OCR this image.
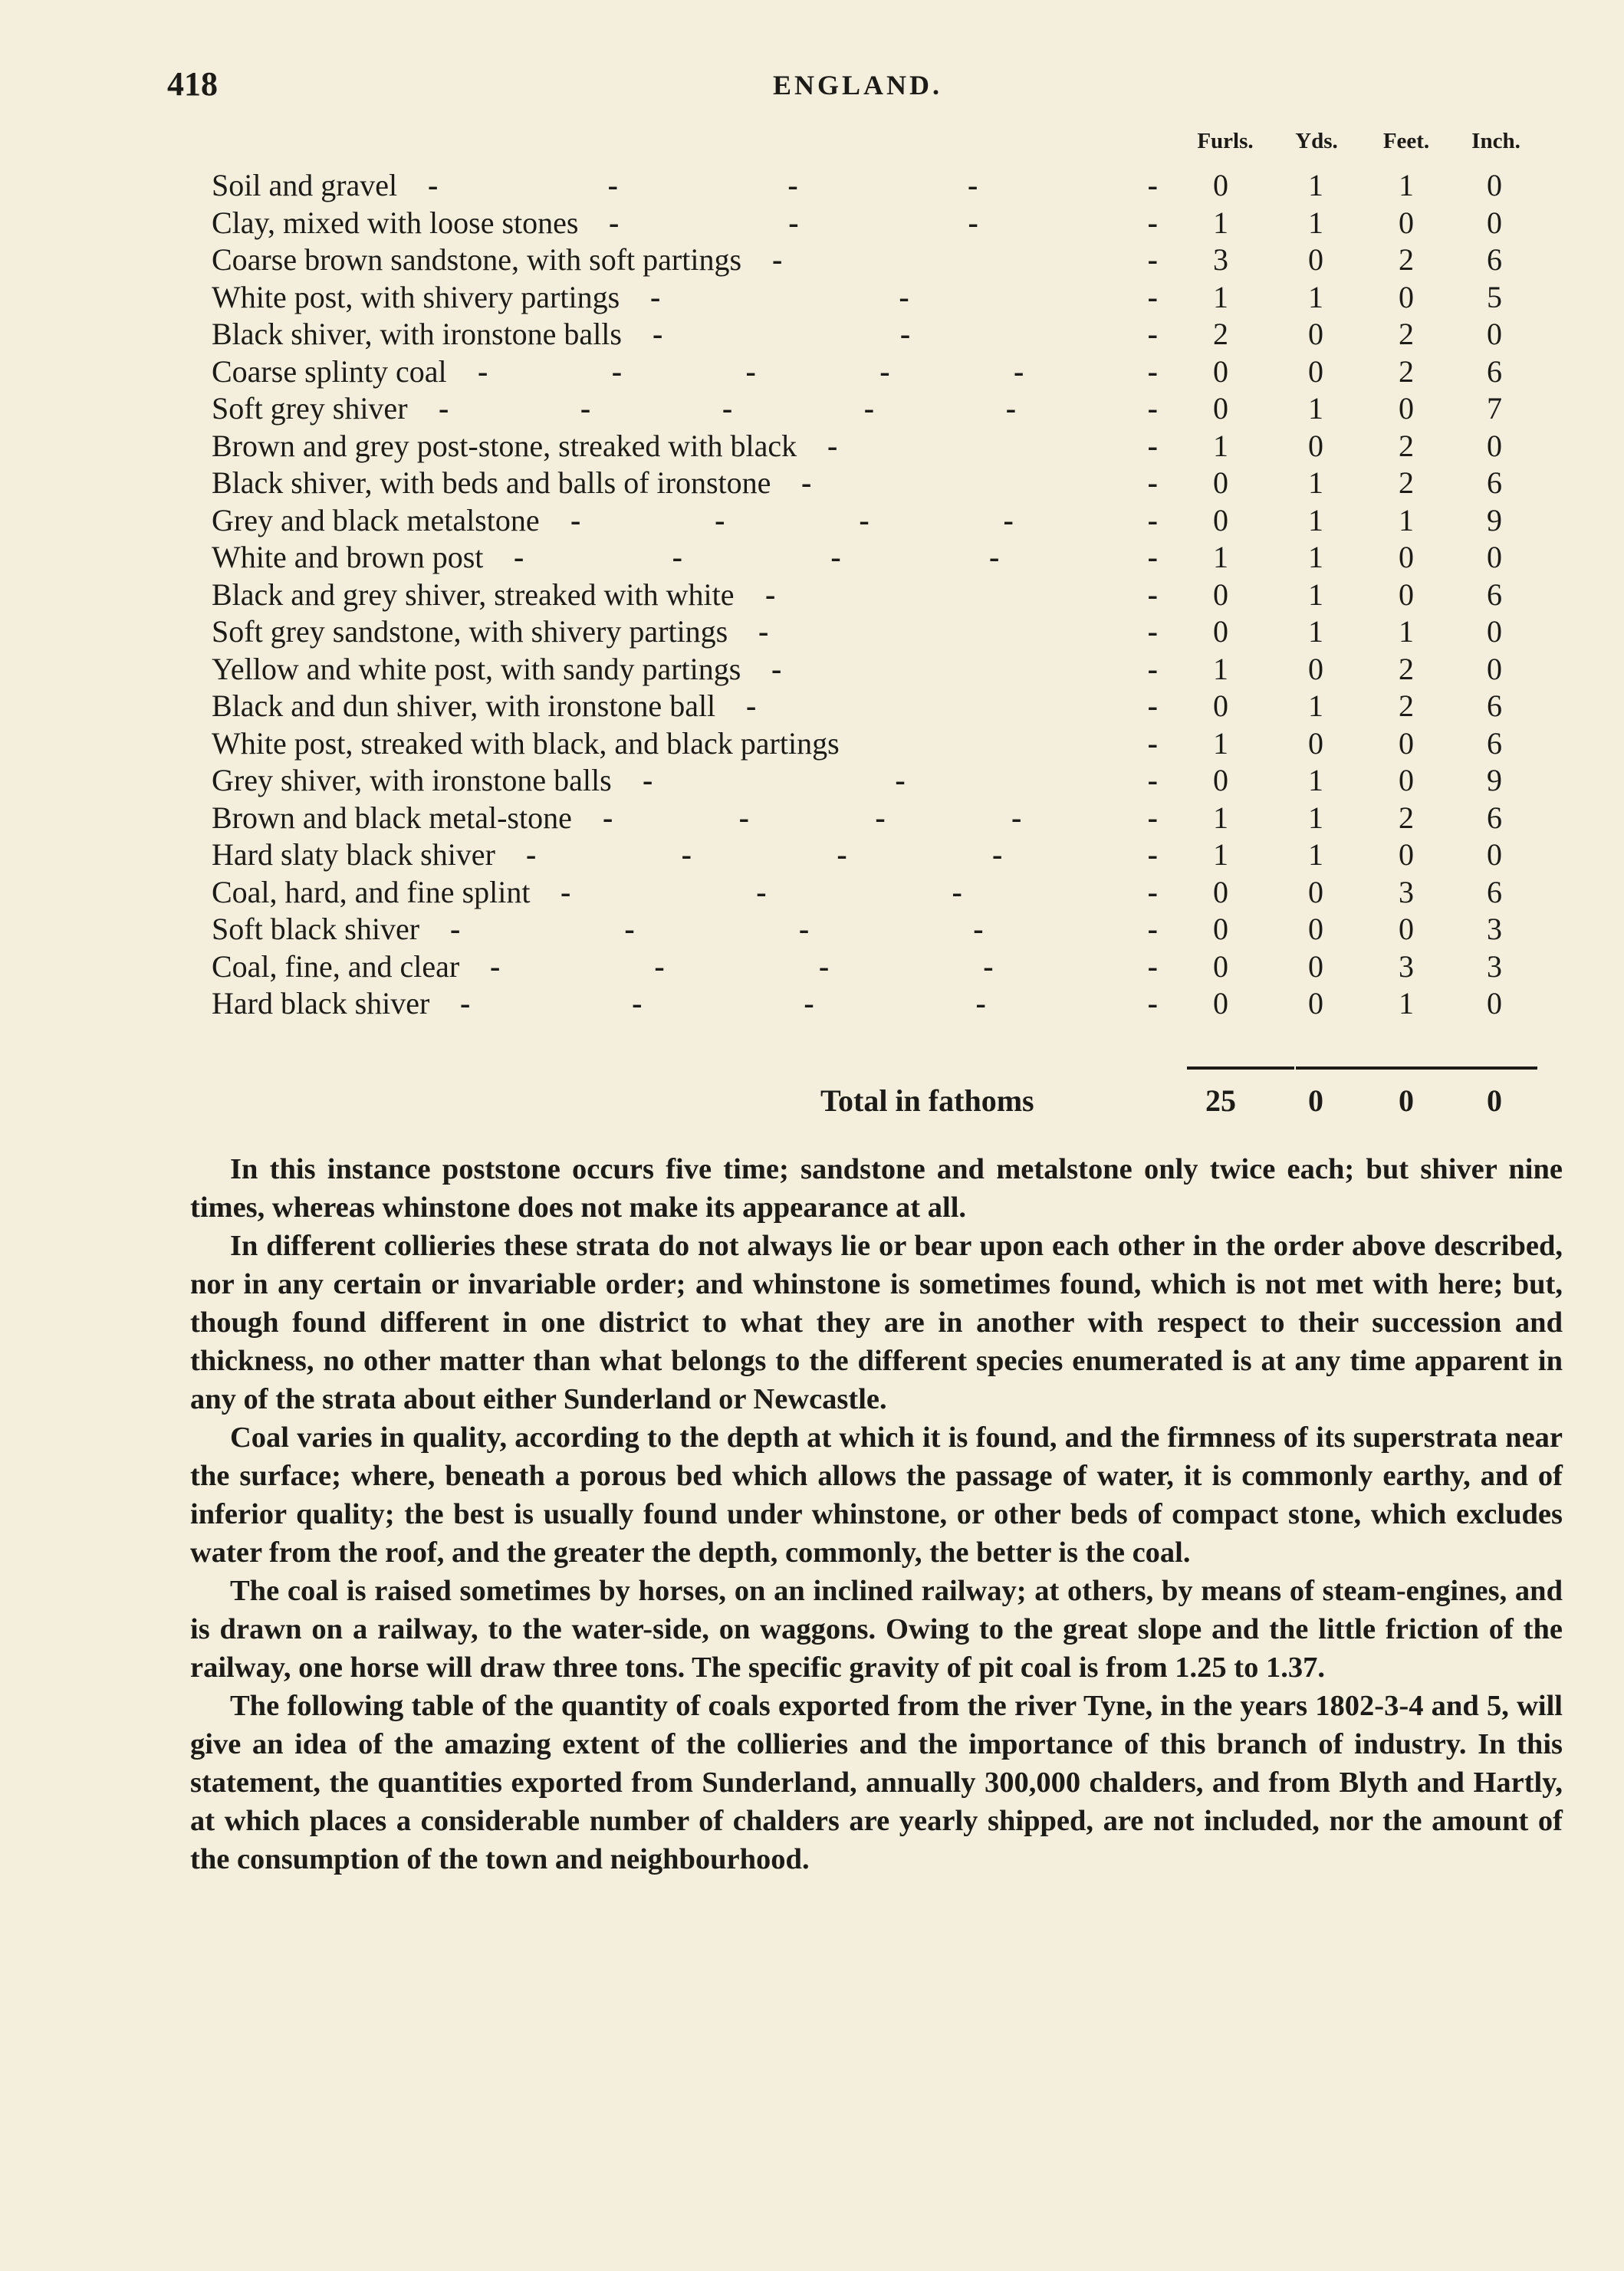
418	ENGLAND.
Furls.	Yds.	Feet.	Inch.
Soil and gravel -	-	-	-	-	0	1	1	0
Clay, mixed with loose stones -	-	-	-	1	1	0	0
Coarse brown sandstone, with soft partings -	-	3	0	2	6
White post, with shivery partings -	-	-	1	1	0	5
Black shiver, with ironstone balls -	-	-	2	0	2	0
Coarse splinty coal -	-	-	-	-	-	0	0	2	6
Soft grey shiver -	-	-	-	-	-	0	1	0	7
Brown and grey post-stone, streaked with black -	-	1	0	2	0
Black shiver, with beds and balls of ironstone -	-	0	1	2	6
Grey and black metalstone -	-	-	-	-	0	1	1	9
White and brown post -	-	-	-	-	1	1	0	0
Black and grey shiver, streaked with white -	-	0	1	0	6
Soft grey sandstone, with shivery partings -	-	0	1	1	0
Yellow and white post, with sandy partings -	-	1	0	2	0
Black and dun shiver, with ironstone ball -	-	0	1	2	6
White post, streaked with black, and black partings	-	1	0	0	6
Grey shiver, with ironstone balls -	-	-	0	1	0	9
Brown and black metal-stone -	-	-	-	-	1	1	2	6
Hard slaty black shiver -	-	-	-	-	1	1	0	0
Coal, hard, and fine splint -	-	-	-	0	0	3	6
Soft black shiver -	-	-	-	-	0	0	0	3
Coal, fine, and clear -	-	-	-	-	0	0	3	3
Hard black shiver -	-	-	-	-	0	0	1	0
Total in fathoms	25	0	0	0

In this instance poststone occurs five time; sandstone and metalstone only twice each; but shiver nine times, whereas whinstone does not make its appearance at all.

In different collieries these strata do not always lie or bear upon each other in the order above described, nor in any certain or invariable order; and whinstone is sometimes found, which is not met with here; but, though found different in one district to what they are in another with respect to their succession and thickness, no other matter than what belongs to the different species enumerated is at any time apparent in any of the strata about either Sunderland or Newcastle.

Coal varies in quality, according to the depth at which it is found, and the firmness of its superstrata near the surface; where, beneath a porous bed which allows the passage of water, it is commonly earthy, and of inferior quality; the best is usually found under whinstone, or other beds of compact stone, which excludes water from the roof, and the greater the depth, commonly, the better is the coal.

The coal is raised sometimes by horses, on an inclined railway; at others, by means of steam-engines, and is drawn on a railway, to the water-side, on waggons. Owing to the great slope and the little friction of the railway, one horse will draw three tons. The specific gravity of pit coal is from 1.25 to 1.37.

The following table of the quantity of coals exported from the river Tyne, in the years 1802-3-4 and 5, will give an idea of the amazing extent of the collieries and the importance of this branch of industry. In this statement, the quantities exported from Sunderland, annually 300,000 chalders, and from Blyth and Hartly, at which places a considerable number of chalders are yearly shipped, are not included, nor the amount of the consumption of the town and neighbourhood.
